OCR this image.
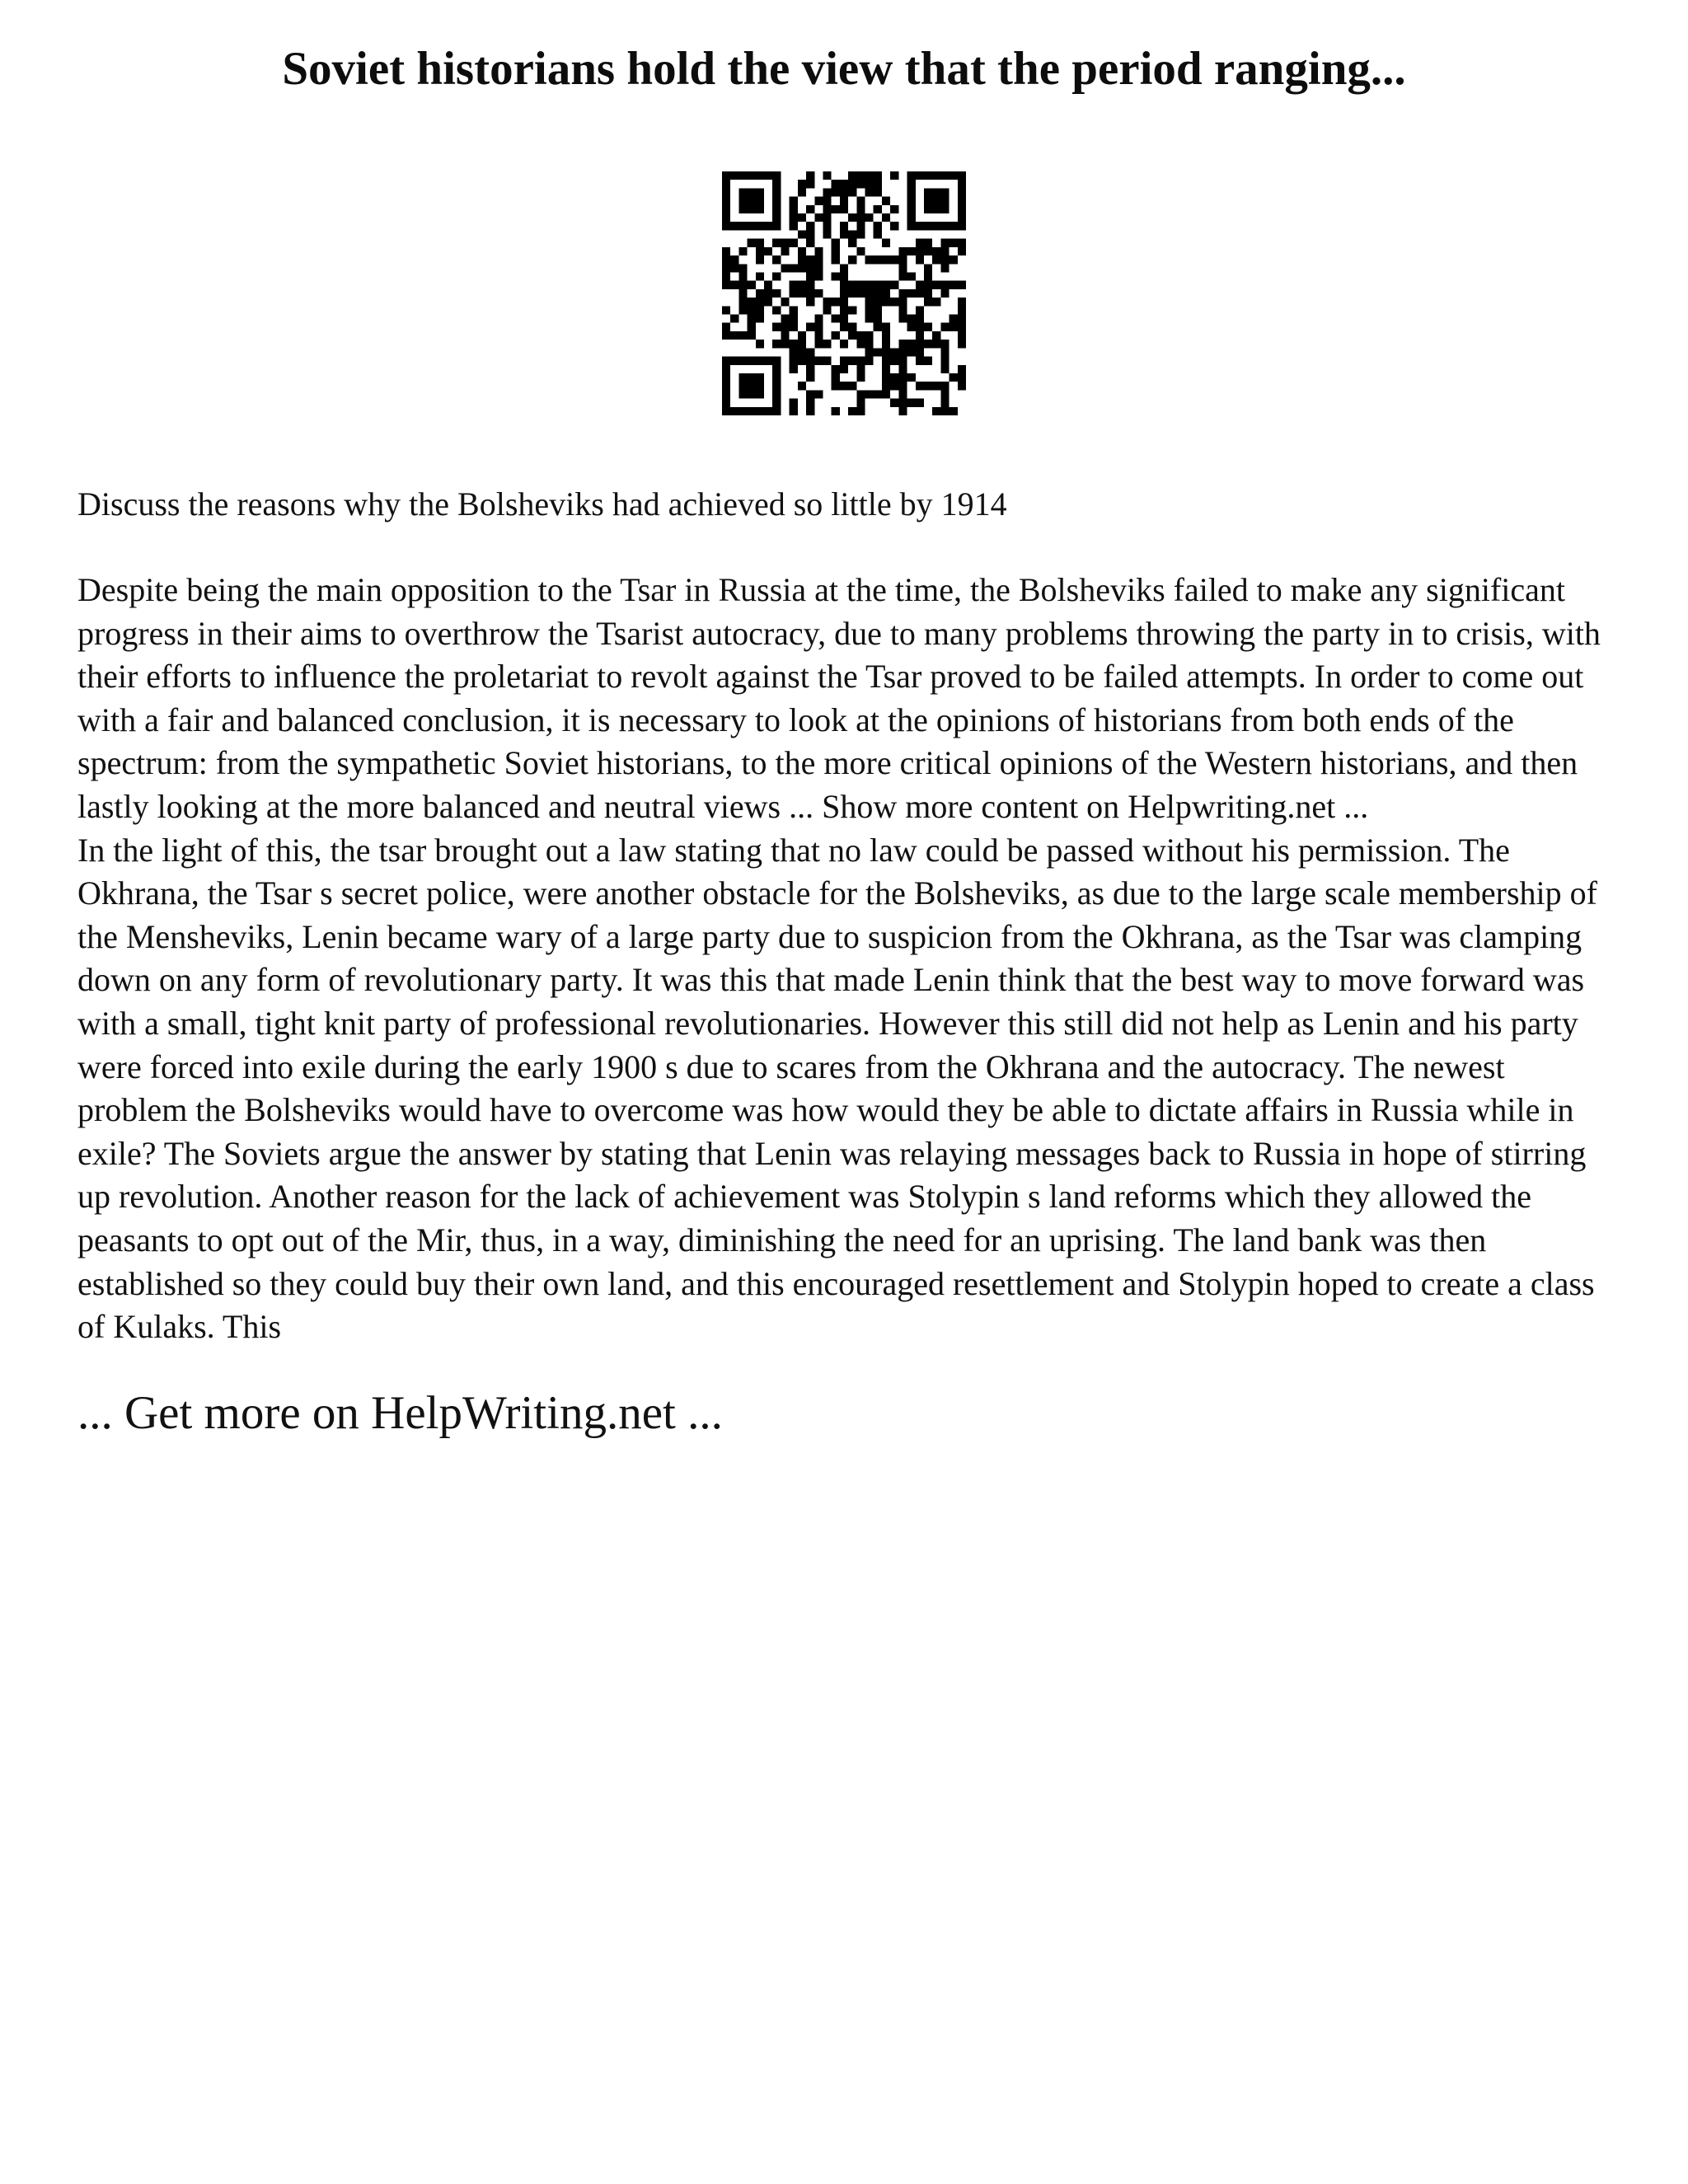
Soviet historians hold the view that the period ranging...

Discuss the reasons why the Bolsheviks had achieved so little by 1914

Despite being the main opposition to the Tsar in Russia at the time, the Bolsheviks failed to make any significant progress in their aims to overthrow the Tsarist autocracy, due to many problems throwing the party in to crisis, with their efforts to influence the proletariat to revolt against the Tsar proved to be failed attempts. In order to come out with a fair and balanced conclusion, it is necessary to look at the opinions of historians from both ends of the spectrum: from the sympathetic Soviet historians, to the more critical opinions of the Western historians, and then lastly looking at the more balanced and neutral views ... Show more content on Helpwriting.net ...

In the light of this, the tsar brought out a law stating that no law could be passed without his permission. The Okhrana, the Tsar s secret police, were another obstacle for the Bolsheviks, as due to the large scale membership of the Mensheviks, Lenin became wary of a large party due to suspicion from the Okhrana, as the Tsar was clamping down on any form of revolutionary party. It was this that made Lenin think that the best way to move forward was with a small, tight knit party of professional revolutionaries. However this still did not help as Lenin and his party were forced into exile during the early 1900 s due to scares from the Okhrana and the autocracy. The newest problem the Bolsheviks would have to overcome was how would they be able to dictate affairs in Russia while in exile? The Soviets argue the answer by stating that Lenin was relaying messages back to Russia in hope of stirring up revolution. Another reason for the lack of achievement was Stolypin s land reforms which they allowed the peasants to opt out of the Mir, thus, in a way, diminishing the need for an uprising. The land bank was then established so they could buy their own land, and this encouraged resettlement and Stolypin hoped to create a class of Kulaks. This

... Get more on HelpWriting.net ...
